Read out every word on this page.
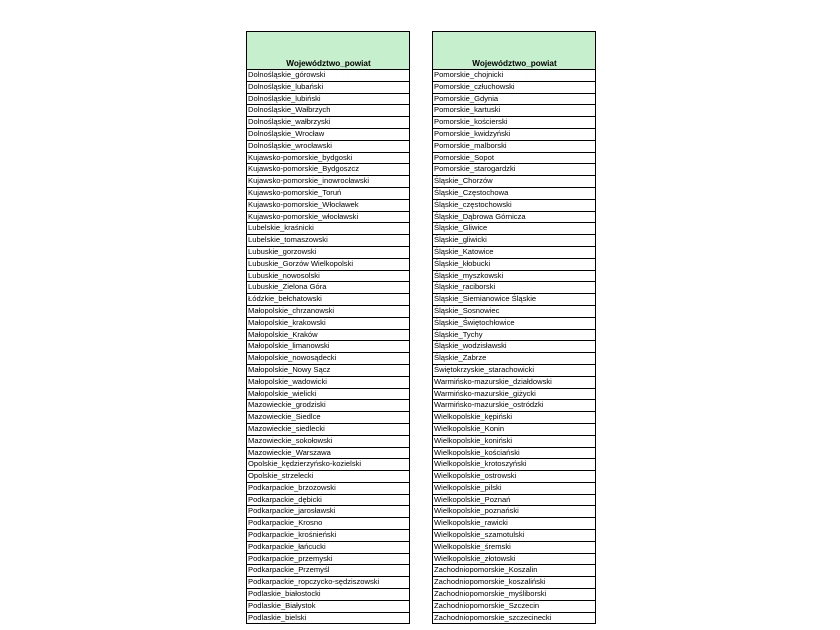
Województwo_powiat
Dolnośląskie_górowski
Dolnośląskie_lubański
Dolnośląskie_lubiński
Dolnośląskie_Wałbrzych
Dolnośląskie_wałbrzyski
Dolnośląskie_Wrocław
Dolnośląskie_wrocławski
Kujawsko-pomorskie_bydgoski
Kujawsko-pomorskie_Bydgoszcz
Kujawsko-pomorskie_inowrocławski
Kujawsko-pomorskie_Toruń
Kujawsko-pomorskie_Włocławek
Kujawsko-pomorskie_włocławski
Lubelskie_kraśnicki
Lubelskie_tomaszowski
Lubuskie_gorzowski
Lubuskie_Gorzów Wielkopolski
Lubuskie_nowosolski
Lubuskie_Zielona Góra
Łódzkie_bełchatowski
Małopolskie_chrzanowski
Małopolskie_krakowski
Małopolskie_Kraków
Małopolskie_limanowski
Małopolskie_nowosądecki
Małopolskie_Nowy Sącz
Małopolskie_wadowicki
Małopolskie_wielicki
Mazowieckie_grodziski
Mazowieckie_Siedlce
Mazowieckie_siedlecki
Mazowieckie_sokołowski
Mazowieckie_Warszawa
Opolskie_kędzierzyńsko-kozielski
Opolskie_strzelecki
Podkarpackie_brzozowski
Podkarpackie_dębicki
Podkarpackie_jarosławski
Podkarpackie_Krosno
Podkarpackie_krośnieński
Podkarpackie_łańcucki
Podkarpackie_przemyski
Podkarpackie_Przemyśl
Podkarpackie_ropczycko-sędziszowski
Podlaskie_białostocki
Podlaskie_Białystok
Podlaskie_bielski
Województwo_powiat
Pomorskie_chojnicki
Pomorskie_człuchowski
Pomorskie_Gdynia
Pomorskie_kartuski
Pomorskie_kościerski
Pomorskie_kwidzyński
Pomorskie_malborski
Pomorskie_Sopot
Pomorskie_starogardzki
Śląskie_Chorzów
Śląskie_Częstochowa
Śląskie_częstochowski
Śląskie_Dąbrowa Górnicza
Śląskie_Gliwice
Śląskie_gliwicki
Śląskie_Katowice
Śląskie_kłobucki
Śląskie_myszkowski
Śląskie_raciborski
Śląskie_Siemianowice Śląskie
Śląskie_Sosnowiec
Śląskie_Świętochłowice
Śląskie_Tychy
Śląskie_wodzisławski
Śląskie_Zabrze
Świętokrzyskie_starachowicki
Warmińsko-mazurskie_działdowski
Warmińsko-mazurskie_giżycki
Warmińsko-mazurskie_ostródzki
Wielkopolskie_kępiński
Wielkopolskie_Konin
Wielkopolskie_koniński
Wielkopolskie_kościański
Wielkopolskie_krotoszyński
Wielkopolskie_ostrowski
Wielkopolskie_pilski
Wielkopolskie_Poznań
Wielkopolskie_poznański
Wielkopolskie_rawicki
Wielkopolskie_szamotulski
Wielkopolskie_śremski
Wielkopolskie_złotowski
Zachodniopomorskie_Koszalin
Zachodniopomorskie_koszaliński
Zachodniopomorskie_myśliborski
Zachodniopomorskie_Szczecin
Zachodniopomorskie_szczecinecki
